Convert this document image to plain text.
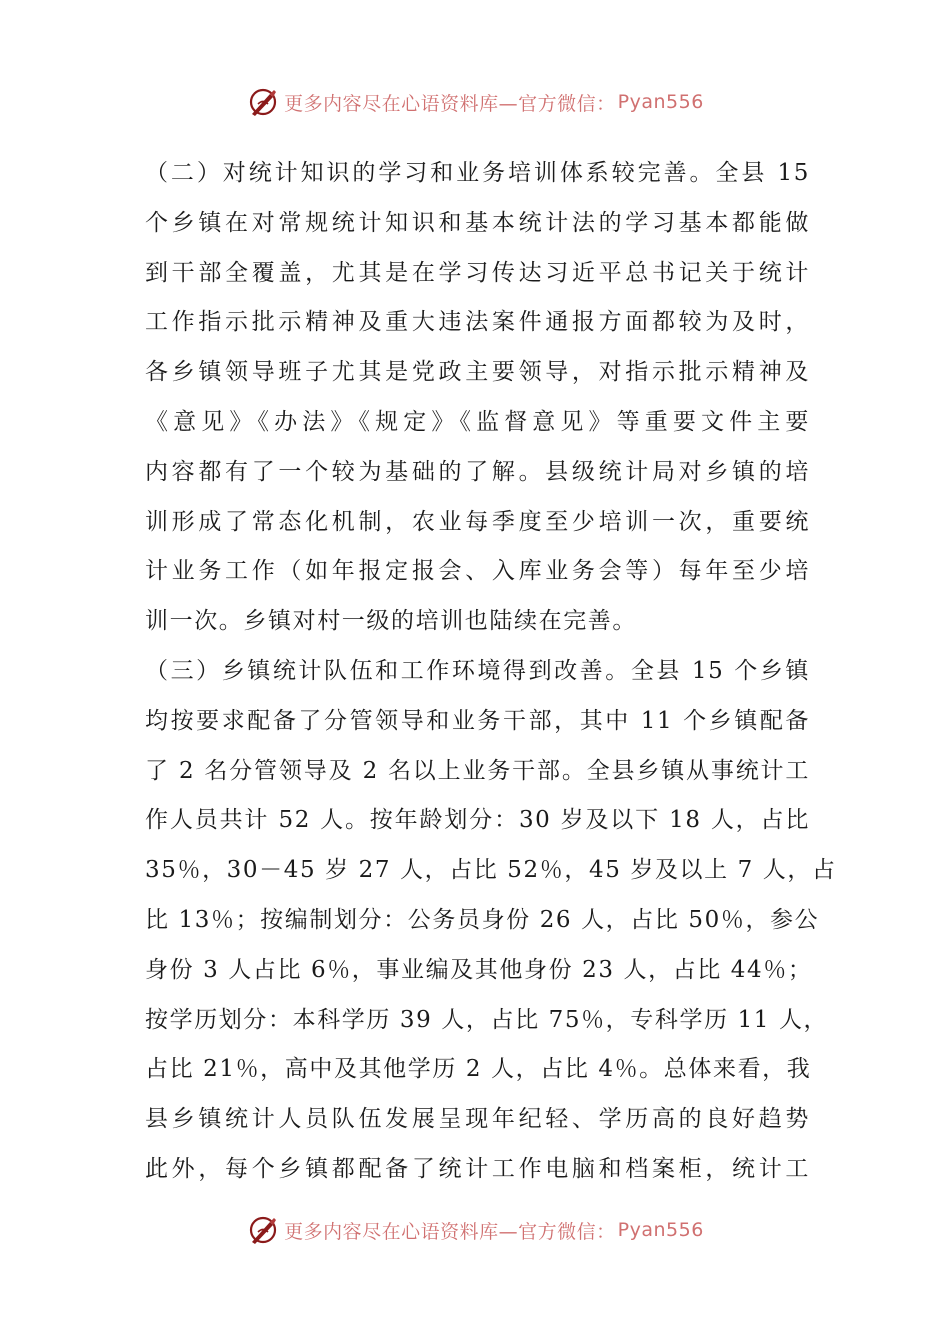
更多内容尽在心语资料库—官方微信： Pyan556
（二）对统计知识的学习和业务培训体系较完善。全县 15
个乡镇在对常规统计知识和基本统计法的学习基本都能做
到干部全覆盖，尤其是在学习传达习近平总书记关于统计
工作指示批示精神及重大违法案件通报方面都较为及时，
各乡镇领导班子尤其是党政主要领导，对指示批示精神及
《意见》《办法》《规定》《监督意见》等重要文件主要
内容都有了一个较为基础的了解。县级统计局对乡镇的培
训形成了常态化机制，农业每季度至少培训一次，重要统
计业务工作（如年报定报会、入库业务会等）每年至少培
训一次。乡镇对村一级的培训也陆续在完善。
（三）乡镇统计队伍和工作环境得到改善。全县 15 个乡镇
均按要求配备了分管领导和业务干部，其中 11 个乡镇配备
了 2 名分管领导及 2 名以上业务干部。全县乡镇从事统计工
作人员共计 52 人。按年龄划分：30 岁及以下 18 人，占比
35％，30－45 岁 27 人，占比 52％，45 岁及以上 7 人，占
比 13％；按编制划分：公务员身份 26 人，占比 50％，参公
身份 3 人占比 6％，事业编及其他身份 23 人，占比 44％；
按学历划分：本科学历 39 人，占比 75％，专科学历 11 人，
占比 21％，高中及其他学历 2 人，占比 4％。总体来看，我
县乡镇统计人员队伍发展呈现年纪轻、学历高的良好趋势
此外，每个乡镇都配备了统计工作电脑和档案柜，统计工
更多内容尽在心语资料库—官方微信： Pyan556
